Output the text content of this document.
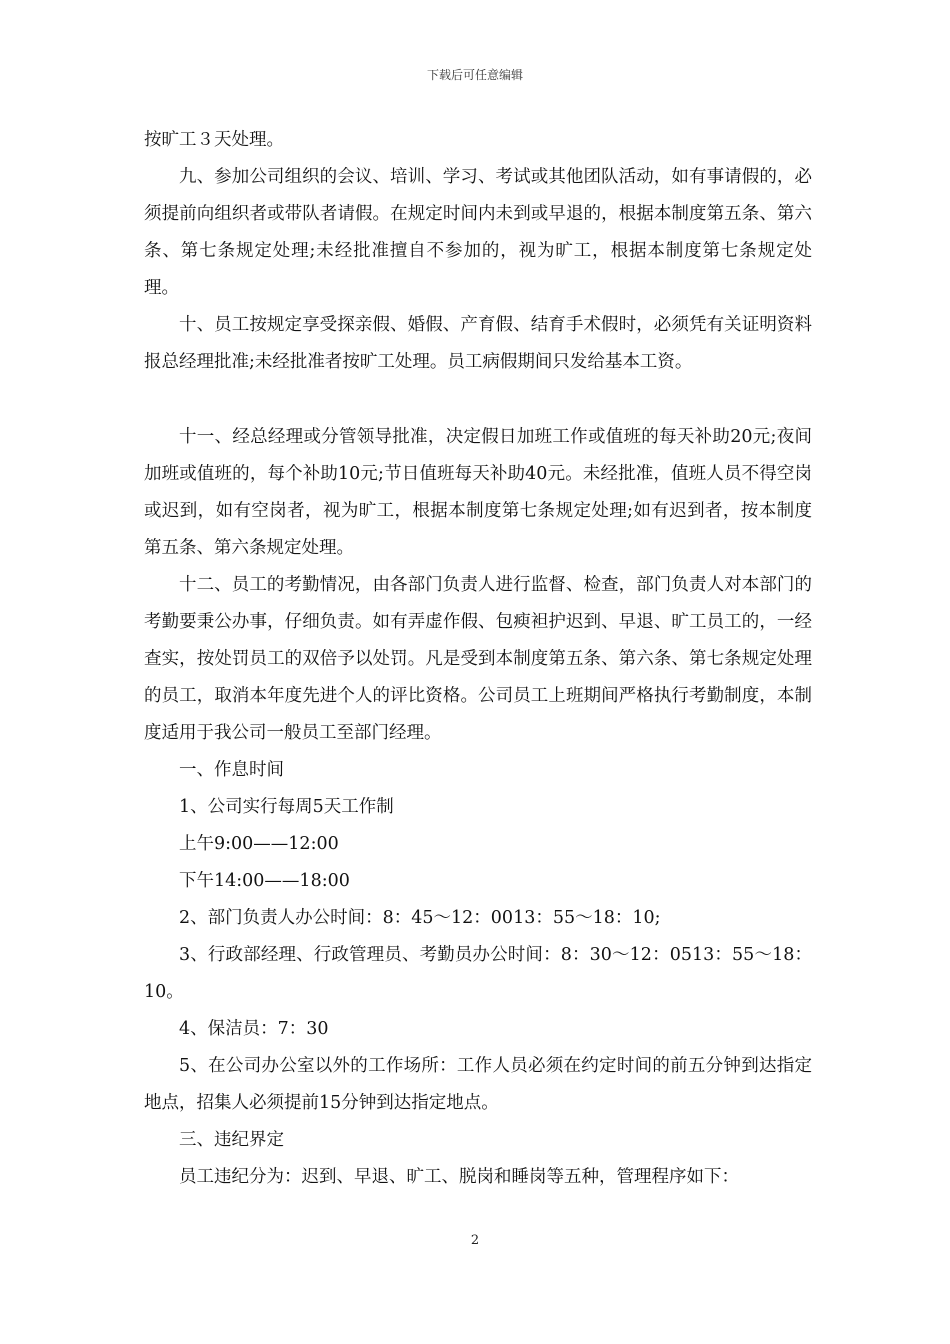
下载后可任意编辑

按旷工３天处理。

九、参加公司组织的会议、培训、学习、考试或其他团队活动，如有事请假的，必须提前向组织者或带队者请假。在规定时间内未到或早退的，根据本制度第五条、第六条、第七条规定处理;未经批准擅自不参加的，视为旷工，根据本制度第七条规定处理。

十、员工按规定享受探亲假、婚假、产育假、结育手术假时，必须凭有关证明资料报总经理批准;未经批准者按旷工处理。员工病假期间只发给基本工资。

十一、经总经理或分管领导批准，决定假日加班工作或值班的每天补助20元;夜间加班或值班的，每个补助10元;节日值班每天补助40元。未经批准，值班人员不得空岗或迟到，如有空岗者，视为旷工，根据本制度第七条规定处理;如有迟到者，按本制度第五条、第六条规定处理。

十二、员工的考勤情况，由各部门负责人进行监督、检查，部门负责人对本部门的考勤要秉公办事，仔细负责。如有弄虚作假、包瘐袒护迟到、早退、旷工员工的，一经查实，按处罚员工的双倍予以处罚。凡是受到本制度第五条、第六条、第七条规定处理的员工，取消本年度先进个人的评比资格。公司员工上班期间严格执行考勤制度，本制度适用于我公司一般员工至部门经理。

一、作息时间

1、公司实行每周5天工作制

上午9:00——12:00

下午14:00——18:00

2、部门负责人办公时间：8：45～12：0013：55～18：10;

3、行政部经理、行政管理员、考勤员办公时间：8：30～12：0513：55～18：10。

4、保洁员：7：30

5、在公司办公室以外的工作场所：工作人员必须在约定时间的前五分钟到达指定地点，招集人必须提前15分钟到达指定地点。

三、违纪界定

员工违纪分为：迟到、早退、旷工、脱岗和睡岗等五种，管理程序如下：

2
